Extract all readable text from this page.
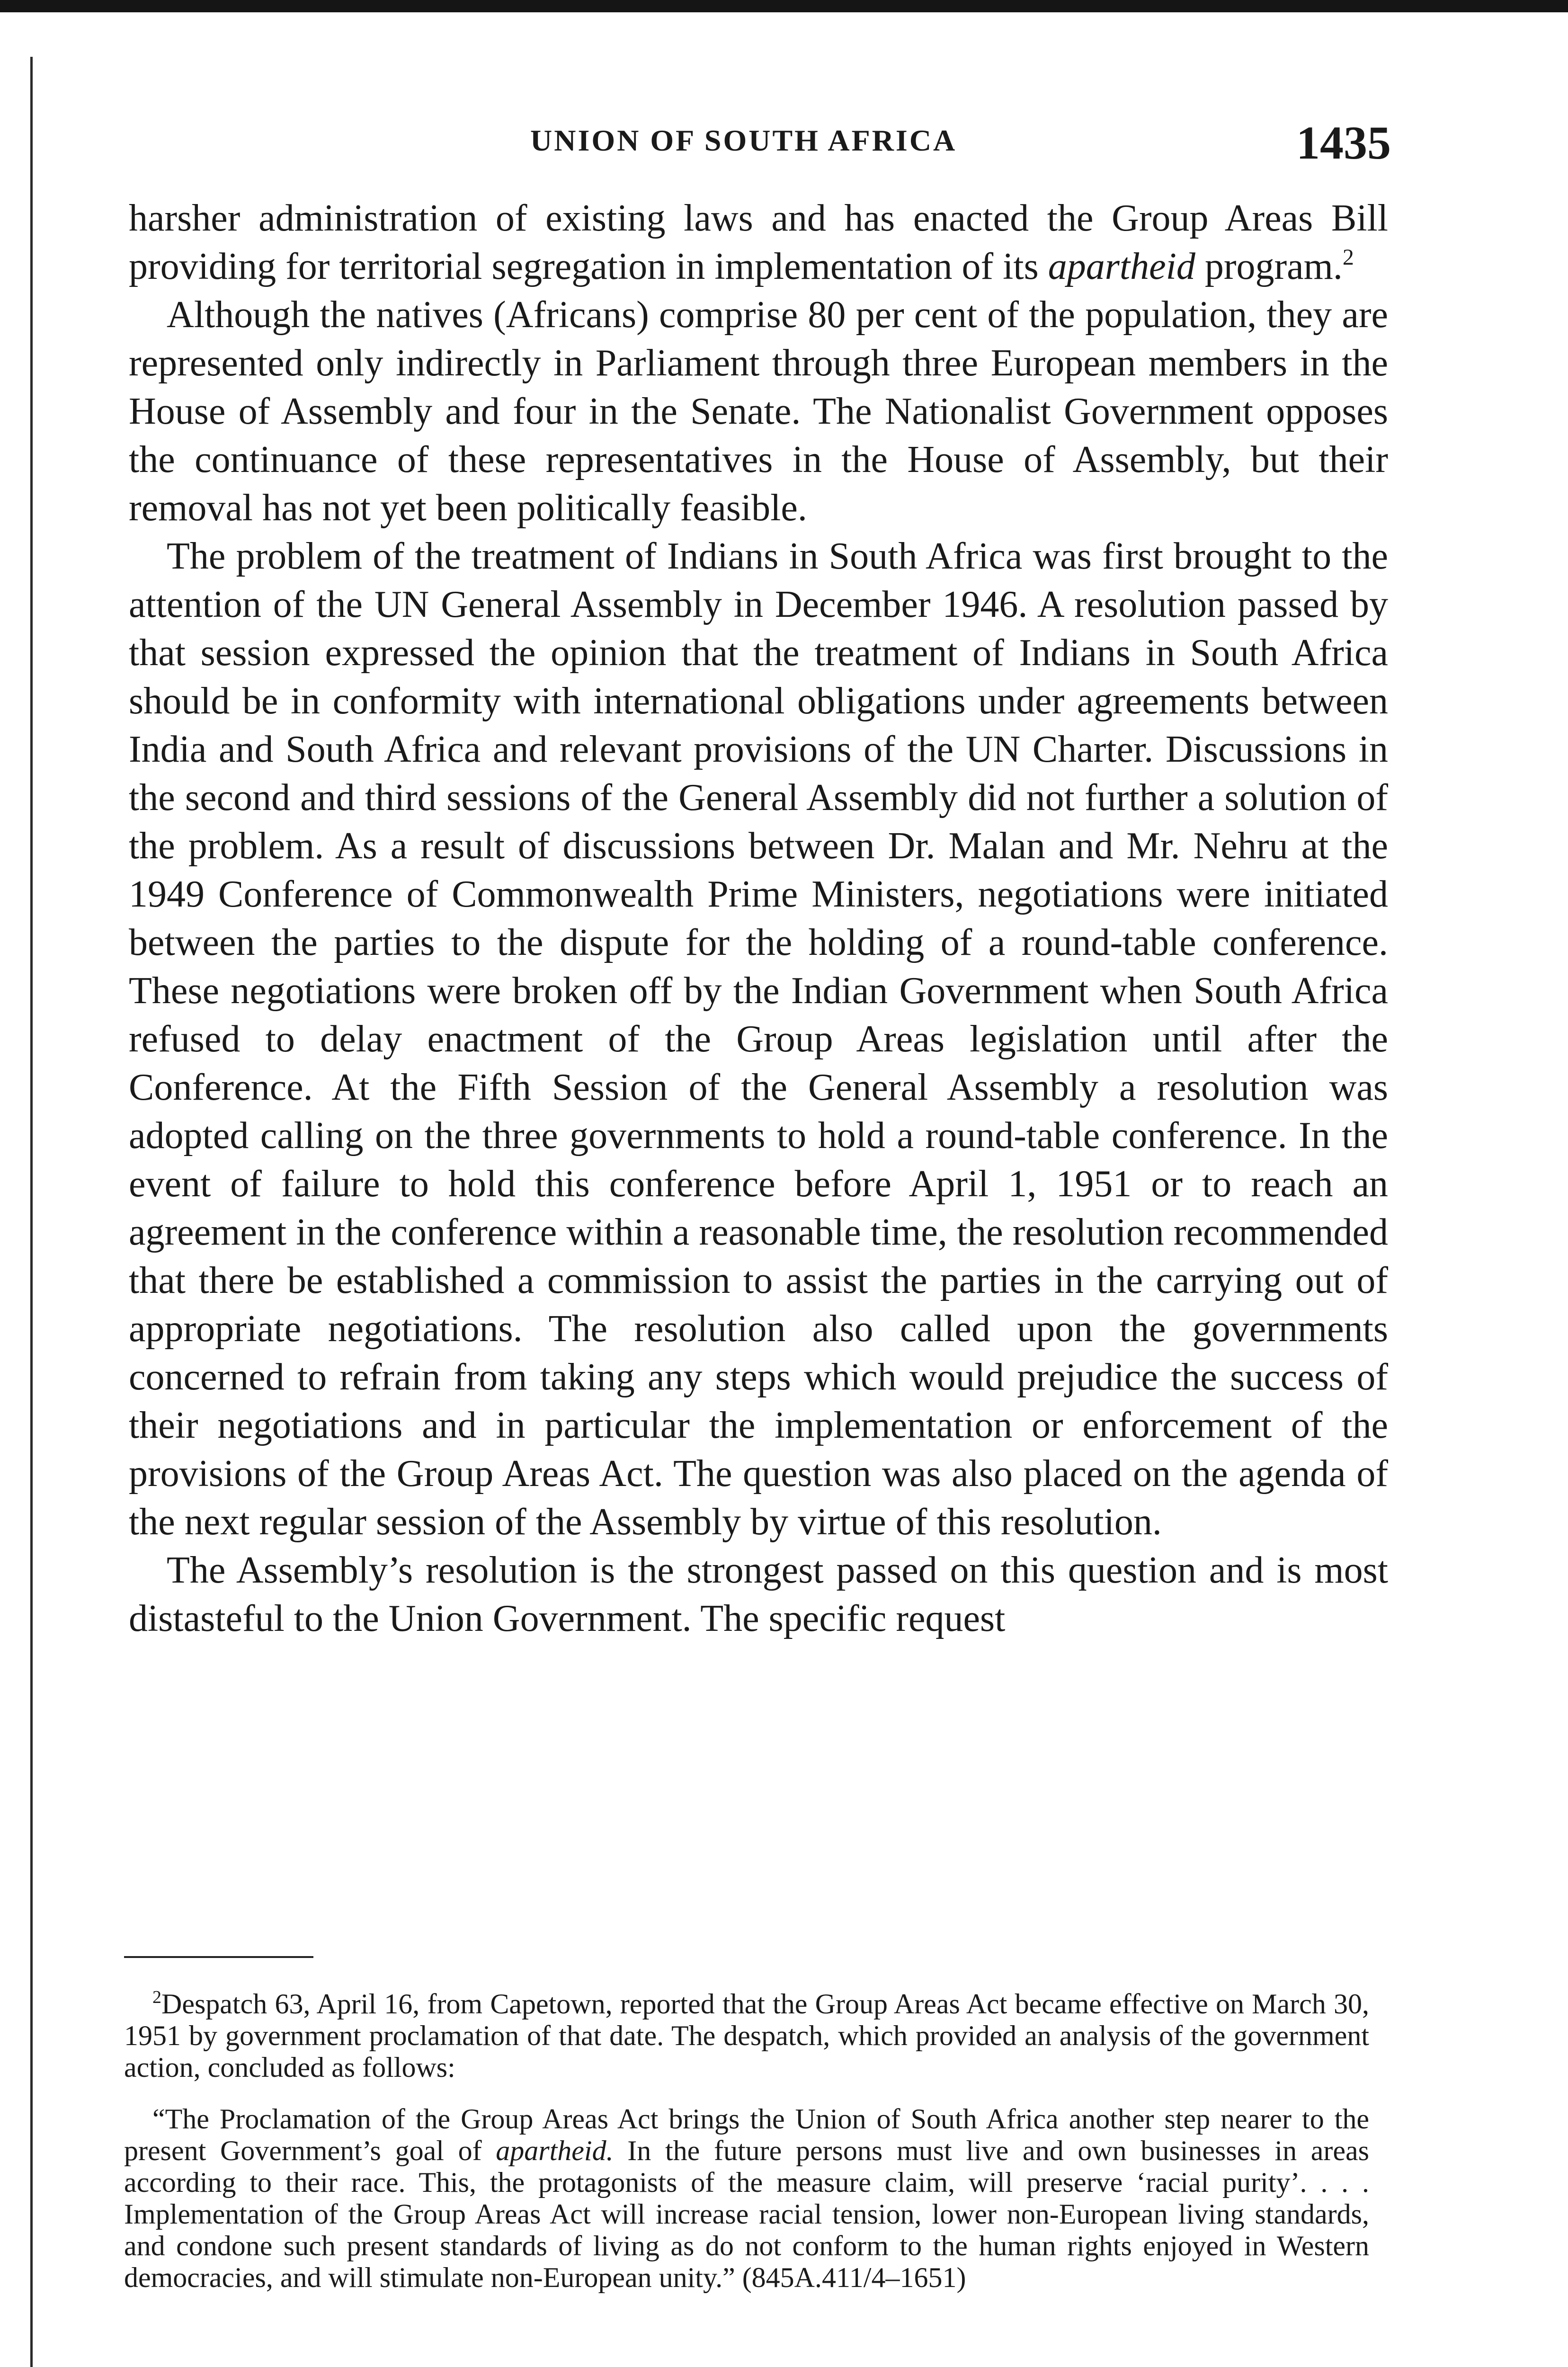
UNION OF SOUTH AFRICA	1435

harsher administration of existing laws and has enacted the Group Areas Bill providing for territorial segregation in implementation of its apartheid program.$^2$

Although the natives (Africans) comprise 80 per cent of the population, they are represented only indirectly in Parliament through three European members in the House of Assembly and four in the Senate. The Nationalist Government opposes the continuance of these representatives in the House of Assembly, but their removal has not yet been politically feasible.

The problem of the treatment of Indians in South Africa was first brought to the attention of the UN General Assembly in December 1946. A resolution passed by that session expressed the opinion that the treatment of Indians in South Africa should be in conformity with international obligations under agreements between India and South Africa and relevant provisions of the UN Charter. Discussions in the second and third sessions of the General Assembly did not further a solution of the problem. As a result of discussions between Dr. Malan and Mr. Nehru at the 1949 Conference of Commonwealth Prime Ministers, negotiations were initiated between the parties to the dispute for the holding of a round-table conference. These negotiations were broken off by the Indian Government when South Africa refused to delay enactment of the Group Areas legislation until after the Conference. At the Fifth Session of the General Assembly a resolution was adopted calling on the three governments to hold a round-table conference. In the event of failure to hold this conference before April 1, 1951 or to reach an agreement in the conference within a reasonable time, the resolution recommended that there be established a commission to assist the parties in the carrying out of appropriate negotiations. The resolution also called upon the governments concerned to refrain from taking any steps which would prejudice the success of their negotiations and in particular the implementation or enforcement of the provisions of the Group Areas Act. The question was also placed on the agenda of the next regular session of the Assembly by virtue of this resolution.

The Assembly’s resolution is the strongest passed on this question and is most distasteful to the Union Government. The specific request

$^2$Despatch 63, April 16, from Capetown, reported that the Group Areas Act became effective on March 30, 1951 by government proclamation of that date. The despatch, which provided an analysis of the government action, concluded as follows:

“The Proclamation of the Group Areas Act brings the Union of South Africa another step nearer to the present Government’s goal of apartheid. In the future persons must live and own businesses in areas according to their race. This, the protagonists of the measure claim, will preserve ‘racial purity’. . . . Implementation of the Group Areas Act will increase racial tension, lower non-European living standards, and condone such present standards of living as do not conform to the human rights enjoyed in Western democracies, and will stimulate non-European unity.” (845A.411/4–1651)
